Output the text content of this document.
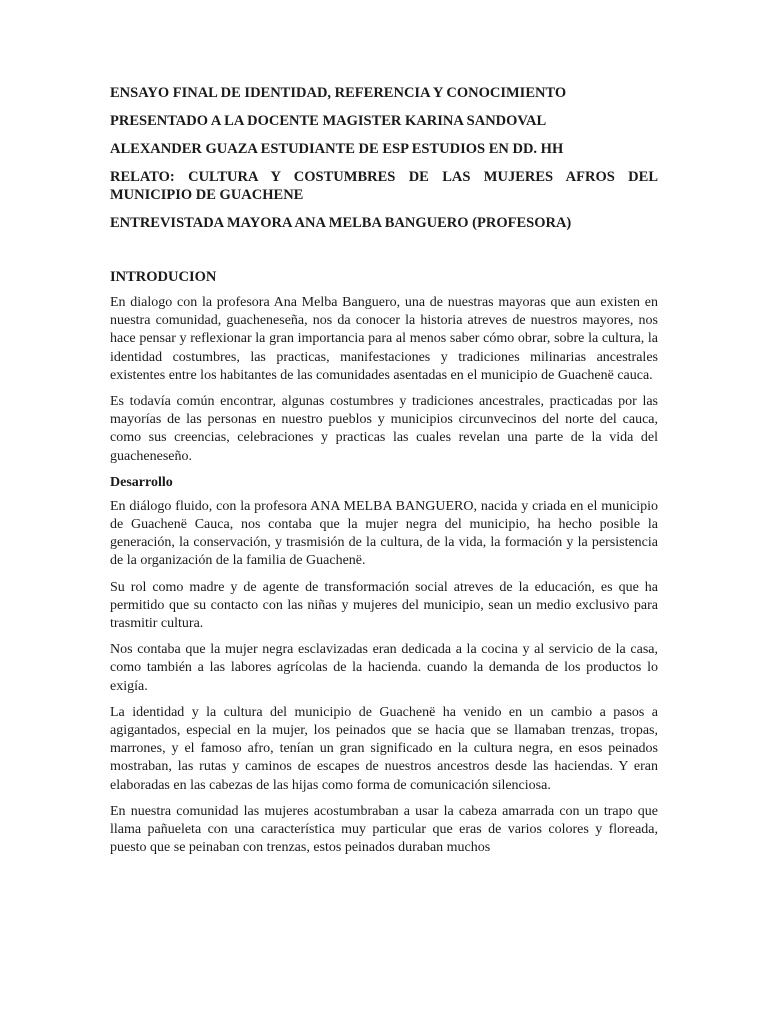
ENSAYO FINAL DE IDENTIDAD, REFERENCIA Y CONOCIMIENTO
PRESENTADO A LA DOCENTE MAGISTER KARINA SANDOVAL
ALEXANDER GUAZA ESTUDIANTE DE ESP ESTUDIOS EN DD. HH
RELATO: CULTURA Y COSTUMBRES DE LAS MUJERES AFROS DEL MUNICIPIO DE GUACHENE
ENTREVISTADA MAYORA ANA MELBA BANGUERO (PROFESORA)
INTRODUCION

En dialogo con la profesora Ana Melba Banguero, una de nuestras mayoras que aun existen en nuestra comunidad, guacheneseña, nos da conocer la historia atreves de nuestros mayores, nos hace pensar y reflexionar la gran importancia para al menos saber cómo obrar, sobre la cultura, la identidad costumbres, las practicas, manifestaciones y tradiciones milinarias ancestrales existentes entre los habitantes de las comunidades asentadas en el municipio de Guachenë cauca.

Es todavía común encontrar, algunas costumbres y tradiciones ancestrales, practicadas por las mayorías de las personas en nuestro pueblos y municipios circunvecinos del norte del cauca, como sus creencias, celebraciones y practicas las cuales revelan una parte de la vida del guacheneseño.

Desarrollo

En diálogo fluido, con la profesora ANA MELBA BANGUERO, nacida y criada en el municipio de Guachenë Cauca, nos contaba que la mujer negra del municipio, ha hecho posible la generación, la conservación, y trasmisión de la cultura, de la vida, la formación y la persistencia de la organización de la familia de Guachenë.

Su rol como madre y de agente de transformación social atreves de la educación, es que ha permitido que su contacto con las niñas y mujeres del municipio, sean un medio exclusivo para trasmitir cultura.

Nos contaba que la mujer negra esclavizadas eran dedicada a la cocina y al servicio de la casa, como también a las labores agrícolas de la hacienda. cuando la demanda de los productos lo exigía.

La identidad y la cultura del municipio de Guachenë ha venido en un cambio a pasos a agigantados, especial en la mujer, los peinados que se hacia que se llamaban trenzas, tropas, marrones, y el famoso afro, tenían un gran significado en la cultura negra, en esos peinados mostraban, las rutas y caminos de escapes de nuestros ancestros desde las haciendas. Y eran elaboradas en las cabezas de las hijas como forma de comunicación silenciosa.

En nuestra comunidad las mujeres acostumbraban a usar la cabeza amarrada con un trapo que llama pañueleta con una característica muy particular que eras de varios colores y floreada, puesto que se peinaban con trenzas, estos peinados duraban muchos
